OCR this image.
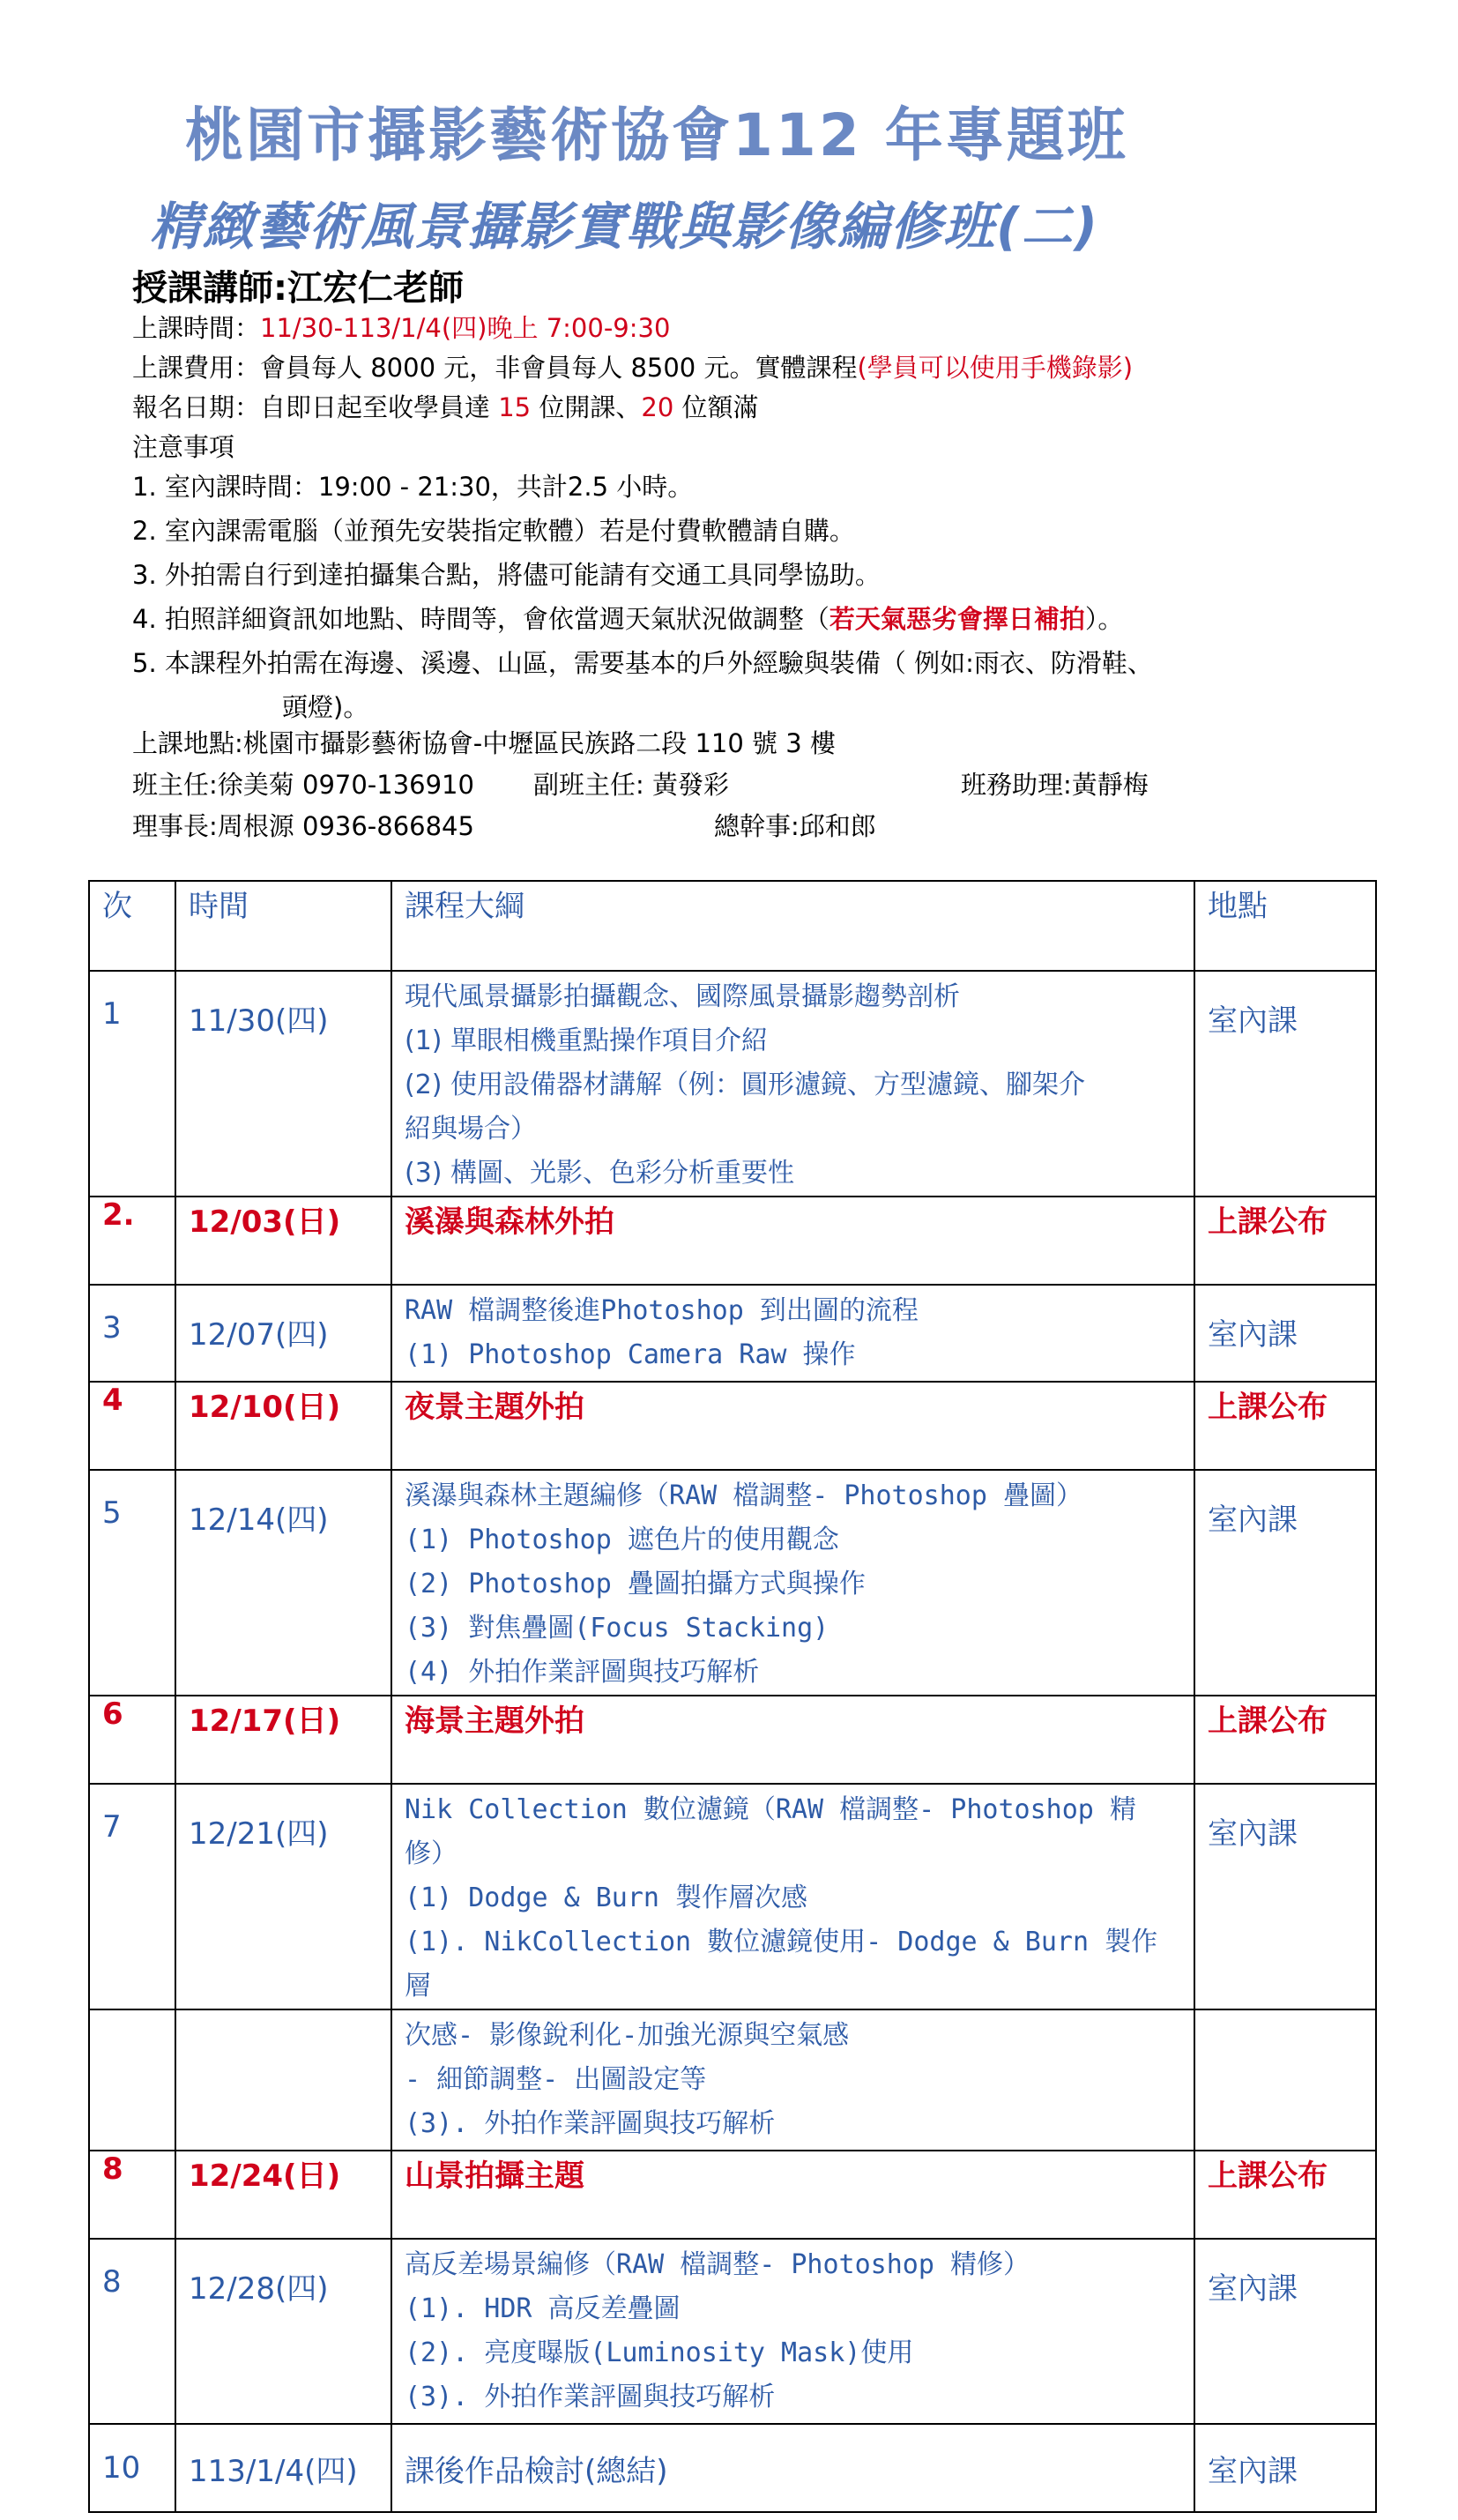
桃園市攝影藝術協會112 年專題班
精緻藝術風景攝影實戰與影像編修班(二)
授課講師:江宏仁老師
上課時間：11/30-113/1/4(四)晚上 7:00-9:30
上課費用：會員每人 8000 元，非會員每人 8500 元。實體課程(學員可以使用手機錄影)
報名日期：自即日起至收學員達 15 位開課、20 位額滿
注意事項
1. 室內課時間：19:00 - 21:30，共計2.5 小時。
2. 室內課需電腦（並預先安裝指定軟體）若是付費軟體請自購。
3. 外拍需自行到達拍攝集合點，將儘可能請有交通工具同學協助。
4. 拍照詳細資訊如地點、時間等，會依當週天氣狀況做調整（若天氣惡劣會擇日補拍）。
5. 本課程外拍需在海邊、溪邊、山區，需要基本的戶外經驗與裝備（ 例如:雨衣、防滑鞋、
頭燈)。
上課地點:桃園市攝影藝術協會-中壢區民族路二段 110 號 3 樓
班主任:徐美菊 0970-136910 副班主任: 黃發彩	班務助理:黃靜梅
理事長:周根源 0936-866845	總幹事:邱和郎
次	時間	課程大綱	地點
1	11/30(四)	現代風景攝影拍攝觀念、國際風景攝影趨勢剖析
(1) 單眼相機重點操作項目介紹
(2) 使用設備器材講解（例：圓形濾鏡、方型濾鏡、腳架介
紹與場合）
(3) 構圖、光影、色彩分析重要性	室內課
2.	12/03(日)	溪瀑與森林外拍	上課公布
3	12/07(四)	RAW 檔調整後進Photoshop 到出圖的流程
(1) Photoshop Camera Raw 操作	室內課
4	12/10(日)	夜景主題外拍	上課公布
5	12/14(四)	溪瀑與森林主題編修（RAW 檔調整- Photoshop 疊圖）
(1) Photoshop 遮色片的使用觀念
(2) Photoshop 疊圖拍攝方式與操作
(3) 對焦疊圖(Focus Stacking)
(4) 外拍作業評圖與技巧解析	室內課
6	12/17(日)	海景主題外拍	上課公布
7	12/21(四)	Nik Collection 數位濾鏡（RAW 檔調整- Photoshop 精
修）
(1) Dodge & Burn 製作層次感
(1). NikCollection 數位濾鏡使用- Dodge & Burn 製作層	室內課

		次感- 影像銳利化-加強光源與空氣感
- 細節調整- 出圖設定等
(3). 外拍作業評圖與技巧解析	

8	12/24(日)	山景拍攝主題	上課公布
8	12/28(四)	高反差場景編修（RAW 檔調整- Photoshop 精修）
(1). HDR 高反差疊圖
(2). 亮度曝版(Luminosity Mask)使用
(3). 外拍作業評圖與技巧解析	室內課
10	113/1/4(四)	課後作品檢討(總結)	室內課
